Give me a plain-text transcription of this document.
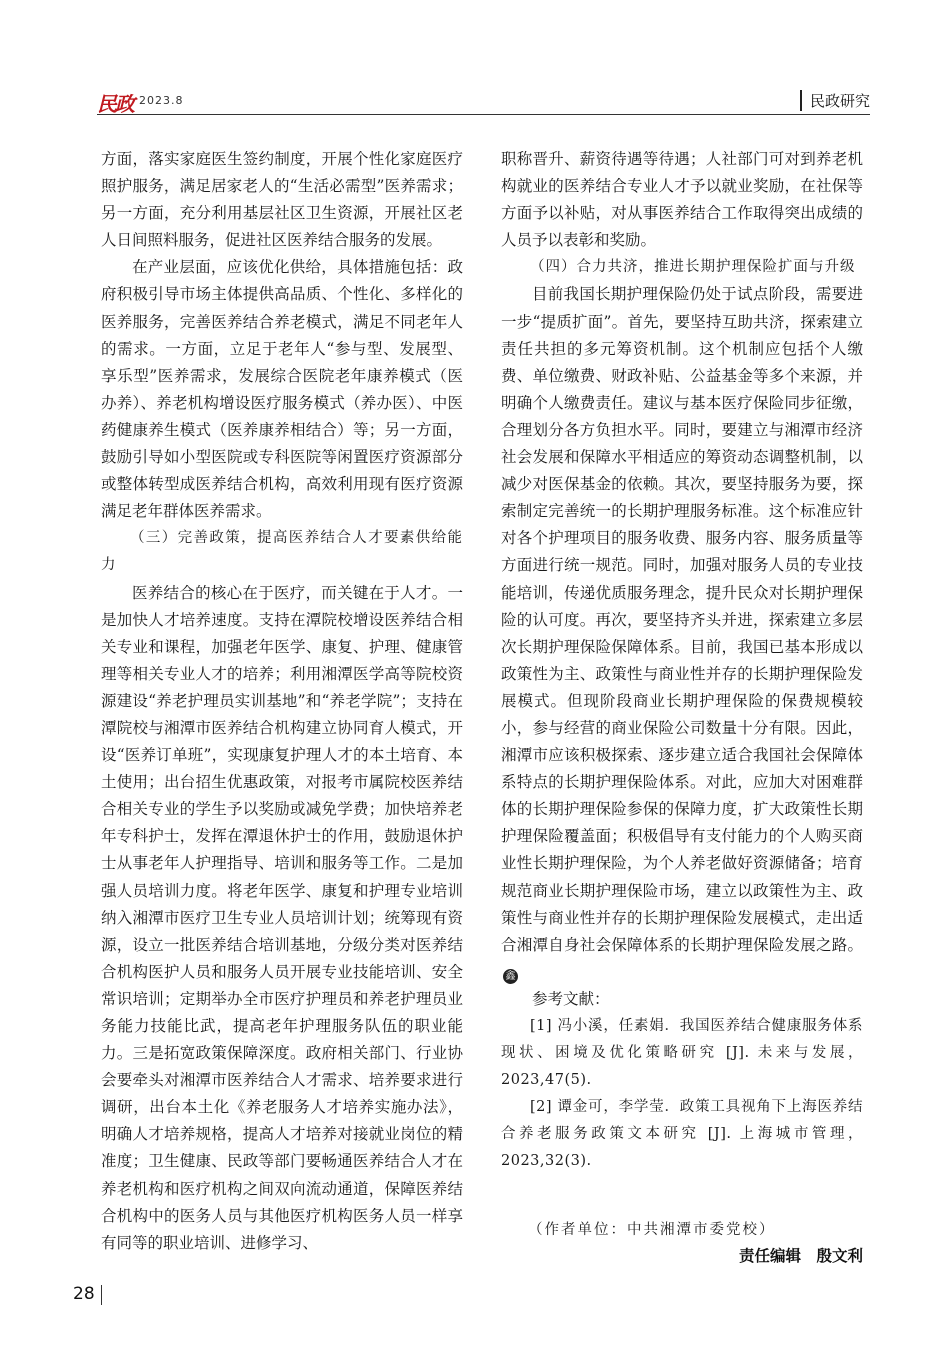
民政 2023.8	民政研究

方面，落实家庭医生签约制度，开展个性化家庭医疗照护服务，满足居家老人的“生活必需型”医养需求；另一方面，充分利用基层社区卫生资源，开展社区老人日间照料服务，促进社区医养结合服务的发展。

在产业层面，应该优化供给，具体措施包括：政府积极引导市场主体提供高品质、个性化、多样化的医养服务，完善医养结合养老模式，满足不同老年人的需求。一方面，立足于老年人“参与型、发展型、享乐型”医养需求，发展综合医院老年康养模式（医办养）、养老机构增设医疗服务模式（养办医）、中医药健康养生模式（医养康养相结合）等；另一方面，鼓励引导如小型医院或专科医院等闲置医疗资源部分或整体转型成医养结合机构，高效利用现有医疗资源满足老年群体医养需求。

（三）完善政策，提高医养结合人才要素供给能力

医养结合的核心在于医疗，而关键在于人才。一是加快人才培养速度。支持在潭院校增设医养结合相关专业和课程，加强老年医学、康复、护理、健康管理等相关专业人才的培养；利用湘潭医学高等院校资源建设“养老护理员实训基地”和“养老学院”；支持在潭院校与湘潭市医养结合机构建立协同育人模式，开设“医养订单班”，实现康复护理人才的本土培育、本土使用；出台招生优惠政策，对报考市属院校医养结合相关专业的学生予以奖励或减免学费；加快培养老年专科护士，发挥在潭退休护士的作用，鼓励退休护士从事老年人护理指导、培训和服务等工作。二是加强人员培训力度。将老年医学、康复和护理专业培训纳入湘潭市医疗卫生专业人员培训计划；统筹现有资源，设立一批医养结合培训基地，分级分类对医养结合机构医护人员和服务人员开展专业技能培训、安全常识培训；定期举办全市医疗护理员和养老护理员业务能力技能比武，提高老年护理服务队伍的职业能力。三是拓宽政策保障深度。政府相关部门、行业协会要牵头对湘潭市医养结合人才需求、培养要求进行调研，出台本土化《养老服务人才培养实施办法》，明确人才培养规格，提高人才培养对接就业岗位的精准度；卫生健康、民政等部门要畅通医养结合人才在养老机构和医疗机构之间双向流动通道，保障医养结合机构中的医务人员与其他医疗机构医务人员一样享有同等的职业培训、进修学习、

职称晋升、薪资待遇等待遇；人社部门可对到养老机构就业的医养结合专业人才予以就业奖励，在社保等方面予以补贴，对从事医养结合工作取得突出成绩的人员予以表彰和奖励。

（四）合力共济，推进长期护理保险扩面与升级

目前我国长期护理保险仍处于试点阶段，需要进一步“提质扩面”。首先，要坚持互助共济，探索建立责任共担的多元筹资机制。这个机制应包括个人缴费、单位缴费、财政补贴、公益基金等多个来源，并明确个人缴费责任。建议与基本医疗保险同步征缴，合理划分各方负担水平。同时，要建立与湘潭市经济社会发展和保障水平相适应的筹资动态调整机制，以减少对医保基金的依赖。其次，要坚持服务为要，探索制定完善统一的长期护理服务标准。这个标准应针对各个护理项目的服务收费、服务内容、服务质量等方面进行统一规范。同时，加强对服务人员的专业技能培训，传递优质服务理念，提升民众对长期护理保险的认可度。再次，要坚持齐头并进，探索建立多层次长期护理保险保障体系。目前，我国已基本形成以政策性为主、政策性与商业性并存的长期护理保险发展模式。但现阶段商业长期护理保险的保费规模较小，参与经营的商业保险公司数量十分有限。因此，湘潭市应该积极探索、逐步建立适合我国社会保障体系特点的长期护理保险体系。对此，应加大对困难群体的长期护理保险参保的保障力度，扩大政策性长期护理保险覆盖面；积极倡导有支付能力的个人购买商业性长期护理保险，为个人养老做好资源储备；培育规范商业长期护理保险市场，建立以政策性为主、政策性与商业性并存的长期护理保险发展模式，走出适合湘潭自身社会保障体系的长期护理保险发展之路。鑫

参考文献：

[1] 冯小溪，任素娟．我国医养结合健康服务体系现状、困境及优化策略研究 [J]. 未来与发展，2023,47(5).

[2] 谭金可，李学莹．政策工具视角下上海医养结合养老服务政策文本研究 [J]. 上海城市管理，2023,32(3).

（作者单位：中共湘潭市委党校）
责任编辑　殷文利
28
